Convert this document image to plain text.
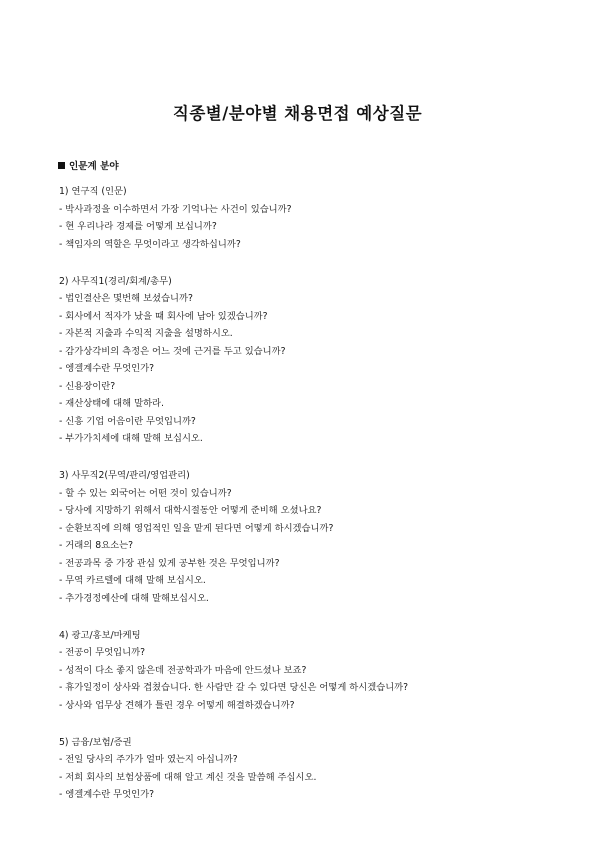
직종별/분야별 채용면접 예상질문
인문계 분야
1) 연구직 (인문)
- 박사과정을 이수하면서 가장 기억나는 사건이 있습니까?
- 현 우리나라 경제를 어떻게 보십니까?
- 책임자의 역할은 무엇이라고 생각하십니까?
2) 사무직1(경리/회계/총무)
- 법인결산은 몇번해 보셨습니까?
- 회사에서 적자가 났을 때 회사에 남아 있겠습니까?
- 자본적 지출과 수익적 지출을 설명하시오.
- 감가상각비의 측정은 어느 것에 근거를 두고 있습니까?
- 엥겔계수란 무엇인가?
- 신용장이란?
- 재산상태에 대해 말하라.
- 신흥 기업 어음이란 무엇입니까?
- 부가가치세에 대해 말해 보십시오.
3) 사무직2(무역/관리/영업관리)
- 할 수 있는 외국어는 어떤 것이 있습니까?
- 당사에 지망하기 위해서 대학시절동안 어떻게 준비해 오셨나요?
- 순환보직에 의해 영업적인 일을 맡게 된다면 어떻게 하시겠습니까?
- 거래의 8요소는?
- 전공과목 중 가장 관심 있게 공부한 것은 무엇입니까?
- 무역 카르텔에 대해 말해 보십시오.
- 추가경정예산에 대해 말해보십시오.
4) 광고/홍보/마케팅
- 전공이 무엇입니까?
- 성적이 다소 좋지 않은데 전공학과가 마음에 안드셨나 보죠?
- 휴가일정이 상사와 겹쳤습니다. 한 사람만 갈 수 있다면 당신은 어떻게 하시겠습니까?
- 상사와 업무상 견해가 틀린 경우 어떻게 해결하겠습니까?
5) 금융/보험/증권
- 전일 당사의 주가가 얼마 였는지 아십니까?
- 저희 회사의 보험상품에 대해 알고 계신 것을 말씀해 주십시오.
- 엥겔계수란 무엇인가?
